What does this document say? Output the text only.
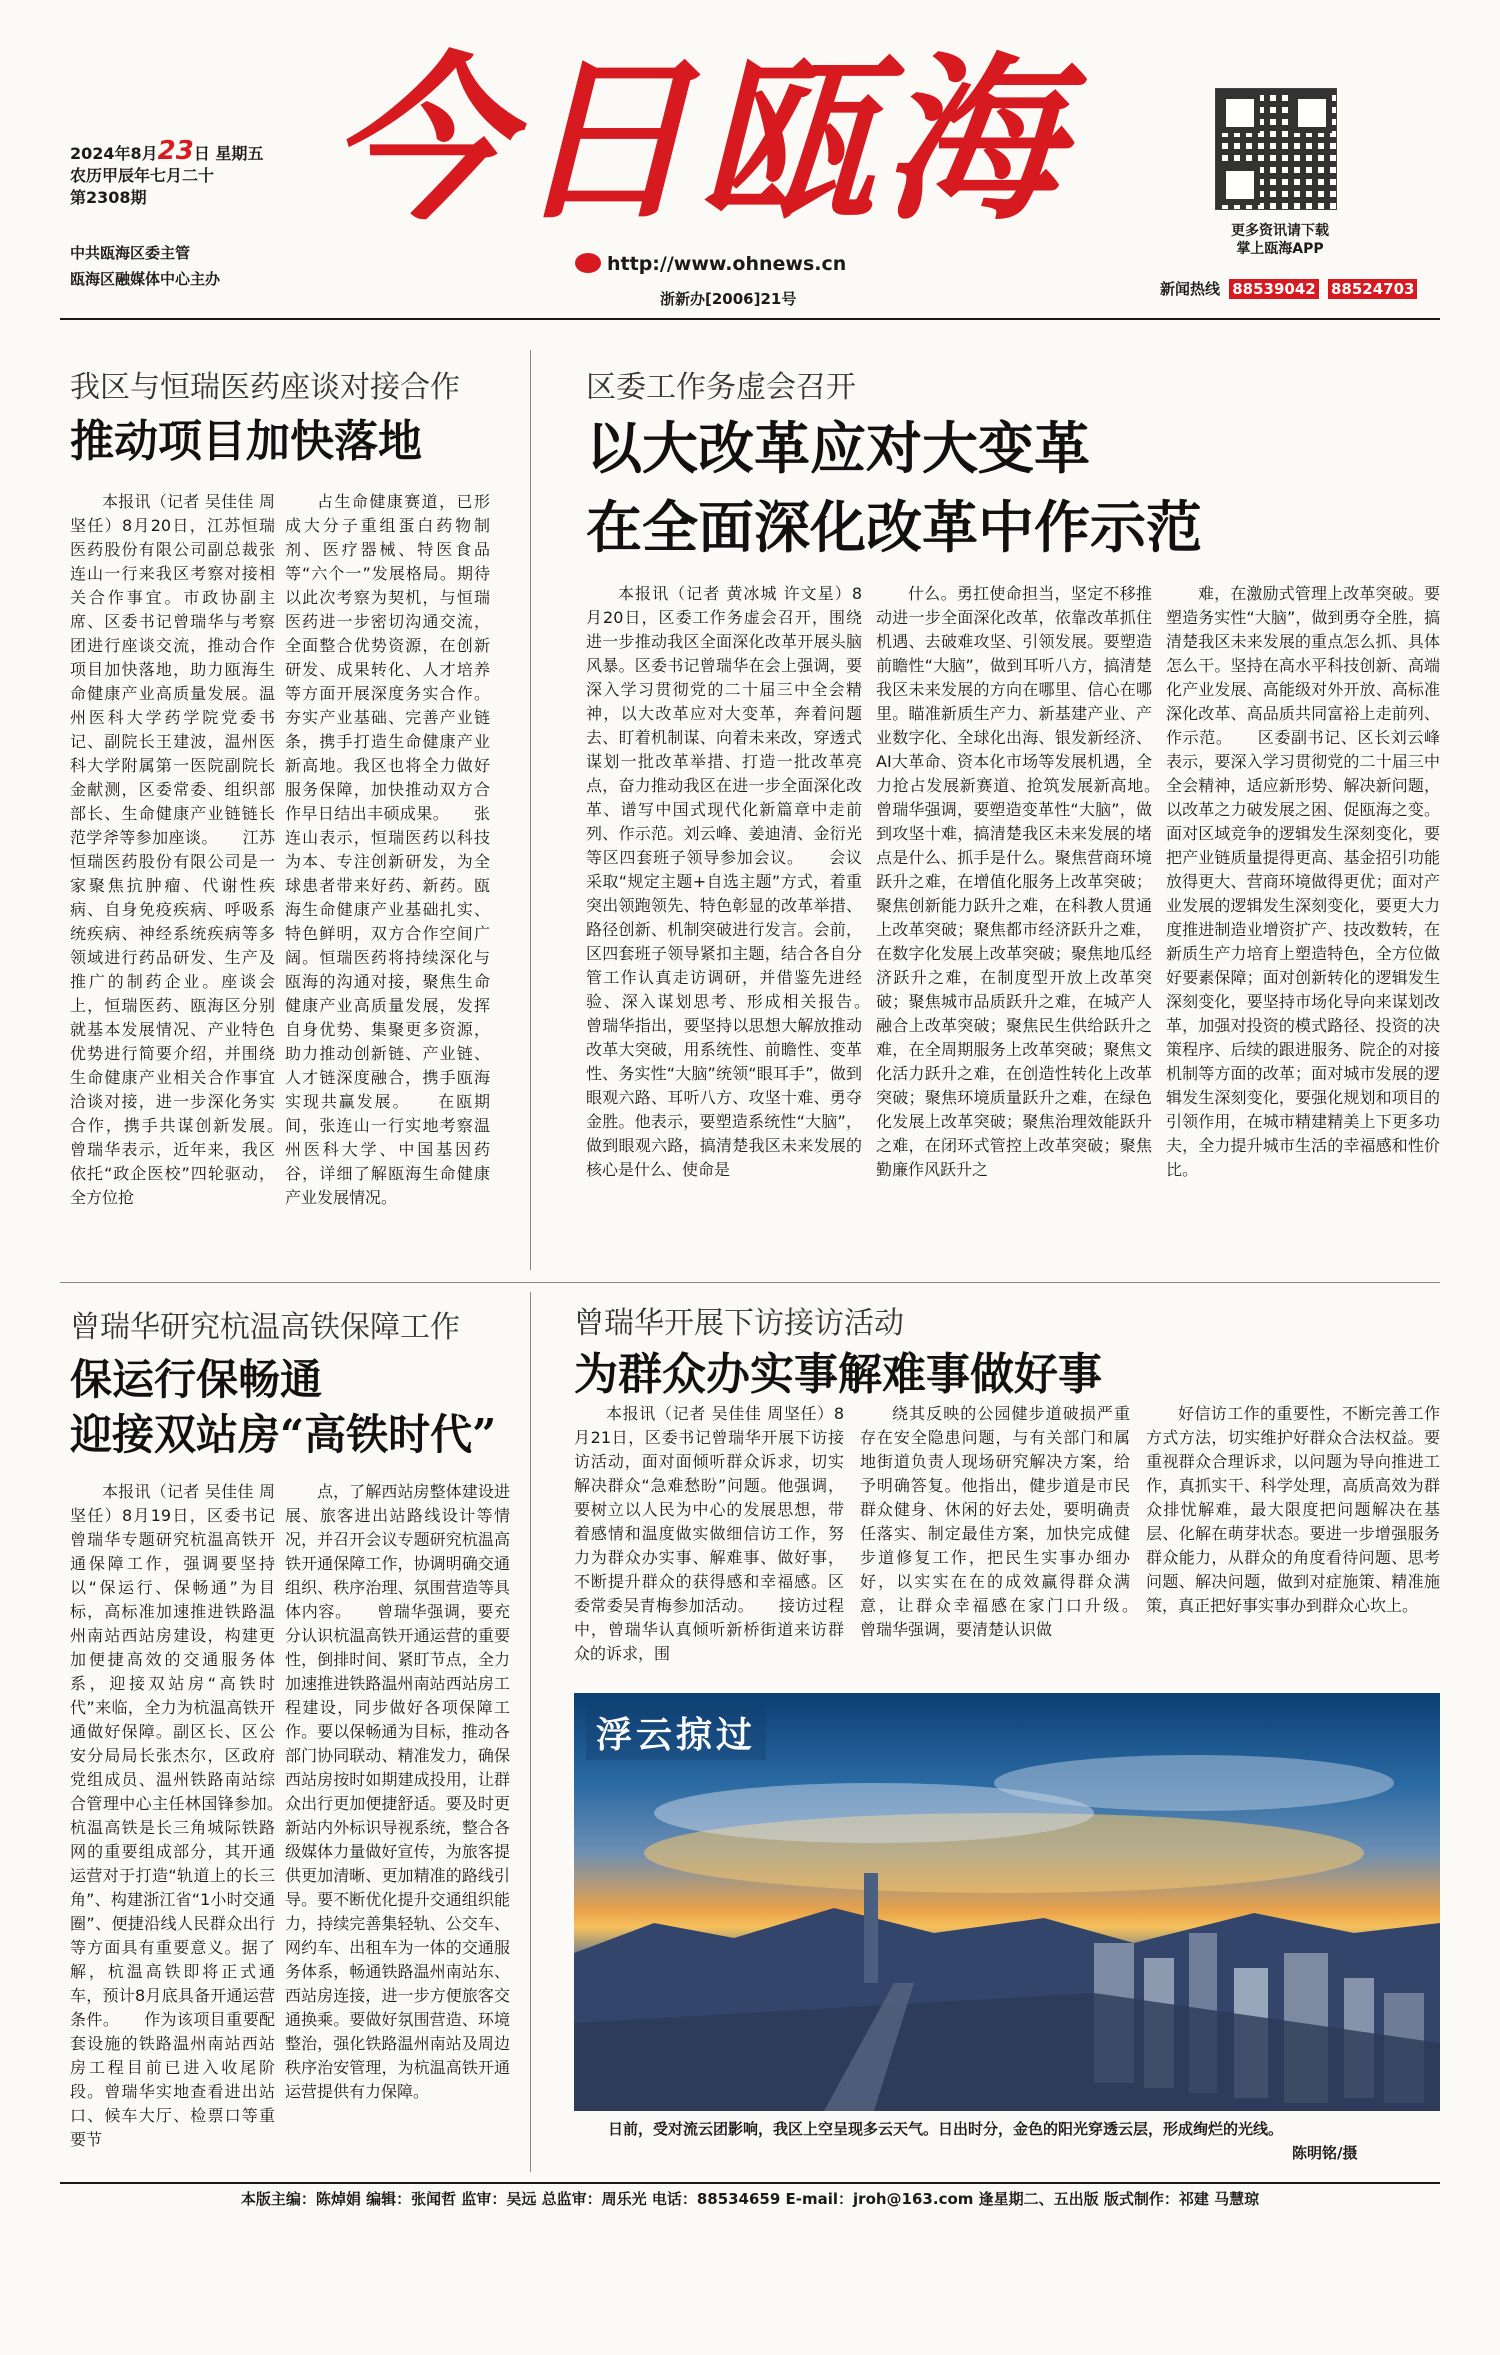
2024年8月23日 星期五
农历甲辰年七月二十
第2308期
中共瓯海区委主管
瓯海区融媒体中心主办
今日瓯海
http://www.ohnews.cn
浙新办[2006]21号
更多资讯请下载
掌上瓯海APP
新闻热线 88539042 88524703
我区与恒瑞医药座谈对接合作
推动项目加快落地

本报讯（记者 吴佳佳 周坚任）8月20日，江苏恒瑞医药股份有限公司副总裁张连山一行来我区考察对接相关合作事宜。市政协副主席、区委书记曾瑞华与考察团进行座谈交流，推动合作项目加快落地，助力瓯海生命健康产业高质量发展。温州医科大学药学院党委书记、副院长王建波，温州医科大学附属第一医院副院长金献测，区委常委、组织部部长、生命健康产业链链长范学斧等参加座谈。　　江苏恒瑞医药股份有限公司是一家聚焦抗肿瘤、代谢性疾病、自身免疫疾病、呼吸系统疾病、神经系统疾病等多领域进行药品研发、生产及推广的制药企业。座谈会上，恒瑞医药、瓯海区分别就基本发展情况、产业特色优势进行简要介绍，并围绕生命健康产业相关合作事宜洽谈对接，进一步深化务实合作，携手共谋创新发展。　　曾瑞华表示，近年来，我区依托“政企医校”四轮驱动，全方位抢

占生命健康赛道，已形成大分子重组蛋白药物制剂、医疗器械、特医食品等“六个一”发展格局。期待以此次考察为契机，与恒瑞医药进一步密切沟通交流，全面整合优势资源，在创新研发、成果转化、人才培养等方面开展深度务实合作。夯实产业基础、完善产业链条，携手打造生命健康产业新高地。我区也将全力做好服务保障，加快推动双方合作早日结出丰硕成果。　　张连山表示，恒瑞医药以科技为本、专注创新研发，为全球患者带来好药、新药。瓯海生命健康产业基础扎实、特色鲜明，双方合作空间广阔。恒瑞医药将持续深化与瓯海的沟通对接，聚焦生命健康产业高质量发展，发挥自身优势、集聚更多资源，助力推动创新链、产业链、人才链深度融合，携手瓯海实现共赢发展。　　在瓯期间，张连山一行实地考察温州医科大学、中国基因药谷，详细了解瓯海生命健康产业发展情况。

区委工作务虚会召开
以大改革应对大变革
在全面深化改革中作示范

本报讯（记者 黄冰城 许文星）8月20日，区委工作务虚会召开，围绕进一步推动我区全面深化改革开展头脑风暴。区委书记曾瑞华在会上强调，要深入学习贯彻党的二十届三中全会精神，以大改革应对大变革，奔着问题去、盯着机制谋、向着未来改，穿透式谋划一批改革举措、打造一批改革亮点，奋力推动我区在进一步全面深化改革、谱写中国式现代化新篇章中走前列、作示范。刘云峰、姜迪清、金衍光等区四套班子领导参加会议。　　会议采取“规定主题+自选主题”方式，着重突出领跑领先、特色彰显的改革举措、路径创新、机制突破进行发言。会前，区四套班子领导紧扣主题，结合各自分管工作认真走访调研，并借鉴先进经验、深入谋划思考、形成相关报告。　　曾瑞华指出，要坚持以思想大解放推动改革大突破，用系统性、前瞻性、变革性、务实性“大脑”统领“眼耳手”，做到眼观六路、耳听八方、攻坚十难、勇夺金胜。他表示，要塑造系统性“大脑”，做到眼观六路，搞清楚我区未来发展的核心是什么、使命是

什么。勇扛使命担当，坚定不移推动进一步全面深化改革，依靠改革抓住机遇、去破难攻坚、引领发展。要塑造前瞻性“大脑”，做到耳听八方，搞清楚我区未来发展的方向在哪里、信心在哪里。瞄准新质生产力、新基建产业、产业数字化、全球化出海、银发新经济、AI大革命、资本化市场等发展机遇，全力抢占发展新赛道、抢筑发展新高地。　　曾瑞华强调，要塑造变革性“大脑”，做到攻坚十难，搞清楚我区未来发展的堵点是什么、抓手是什么。聚焦营商环境跃升之难，在增值化服务上改革突破；聚焦创新能力跃升之难，在科教人贯通上改革突破；聚焦都市经济跃升之难，在数字化发展上改革突破；聚焦地瓜经济跃升之难，在制度型开放上改革突破；聚焦城市品质跃升之难，在城产人融合上改革突破；聚焦民生供给跃升之难，在全周期服务上改革突破；聚焦文化活力跃升之难，在创造性转化上改革突破；聚焦环境质量跃升之难，在绿色化发展上改革突破；聚焦治理效能跃升之难，在闭环式管控上改革突破；聚焦勤廉作风跃升之

难，在激励式管理上改革突破。要塑造务实性“大脑”，做到勇夺全胜，搞清楚我区未来发展的重点怎么抓、具体怎么干。坚持在高水平科技创新、高端化产业发展、高能级对外开放、高标准深化改革、高品质共同富裕上走前列、作示范。　　区委副书记、区长刘云峰表示，要深入学习贯彻党的二十届三中全会精神，适应新形势、解决新问题，以改革之力破发展之困、促瓯海之变。面对区域竞争的逻辑发生深刻变化，要把产业链质量提得更高、基金招引功能放得更大、营商环境做得更优；面对产业发展的逻辑发生深刻变化，要更大力度推进制造业增资扩产、技改数转，在新质生产力培育上塑造特色，全方位做好要素保障；面对创新转化的逻辑发生深刻变化，要坚持市场化导向来谋划改革，加强对投资的模式路径、投资的决策程序、后续的跟进服务、院企的对接机制等方面的改革；面对城市发展的逻辑发生深刻变化，要强化规划和项目的引领作用，在城市精建精美上下更多功夫，全力提升城市生活的幸福感和性价比。

曾瑞华研究杭温高铁保障工作
保运行保畅通
迎接双站房“高铁时代”

本报讯（记者 吴佳佳 周坚任）8月19日，区委书记曾瑞华专题研究杭温高铁开通保障工作，强调要坚持以“保运行、保畅通”为目标，高标准加速推进铁路温州南站西站房建设，构建更加便捷高效的交通服务体系，迎接双站房“高铁时代”来临，全力为杭温高铁开通做好保障。副区长、区公安分局局长张杰尔，区政府党组成员、温州铁路南站综合管理中心主任林国锋参加。　　杭温高铁是长三角城际铁路网的重要组成部分，其开通运营对于打造“轨道上的长三角”、构建浙江省“1小时交通圈”、便捷沿线人民群众出行等方面具有重要意义。据了解，杭温高铁即将正式通车，预计8月底具备开通运营条件。　　作为该项目重要配套设施的铁路温州南站西站房工程目前已进入收尾阶段。曾瑞华实地查看进出站口、候车大厅、检票口等重要节

点，了解西站房整体建设进展、旅客进出站路线设计等情况，并召开会议专题研究杭温高铁开通保障工作，协调明确交通组织、秩序治理、氛围营造等具体内容。　　曾瑞华强调，要充分认识杭温高铁开通运营的重要性，倒排时间、紧盯节点，全力加速推进铁路温州南站西站房工程建设，同步做好各项保障工作。要以保畅通为目标，推动各部门协同联动、精准发力，确保西站房按时如期建成投用，让群众出行更加便捷舒适。要及时更新站内外标识导视系统，整合各级媒体力量做好宣传，为旅客提供更加清晰、更加精准的路线引导。要不断优化提升交通组织能力，持续完善集轻轨、公交车、网约车、出租车为一体的交通服务体系，畅通铁路温州南站东、西站房连接，进一步方便旅客交通换乘。要做好氛围营造、环境整治，强化铁路温州南站及周边秩序治安管理，为杭温高铁开通运营提供有力保障。

曾瑞华开展下访接访活动
为群众办实事解难事做好事

本报讯（记者 吴佳佳 周坚任）8月21日，区委书记曾瑞华开展下访接访活动，面对面倾听群众诉求，切实解决群众“急难愁盼”问题。他强调，要树立以人民为中心的发展思想，带着感情和温度做实做细信访工作，努力为群众办实事、解难事、做好事，不断提升群众的获得感和幸福感。区委常委吴青梅参加活动。　　接访过程中，曾瑞华认真倾听新桥街道来访群众的诉求，围

绕其反映的公园健步道破损严重存在安全隐患问题，与有关部门和属地街道负责人现场研究解决方案，给予明确答复。他指出，健步道是市民群众健身、休闲的好去处，要明确责任落实、制定最佳方案，加快完成健步道修复工作，把民生实事办细办好，以实实在在的成效赢得群众满意，让群众幸福感在家门口升级。　　曾瑞华强调，要清楚认识做

好信访工作的重要性，不断完善工作方式方法，切实维护好群众合法权益。要重视群众合理诉求，以问题为导向推进工作，真抓实干、科学处理，高质高效为群众排忧解难，最大限度把问题解决在基层、化解在萌芽状态。要进一步增强服务群众能力，从群众的角度看待问题、思考问题、解决问题，做到对症施策、精准施策，真正把好事实事办到群众心坎上。

浮云掠过
日前，受对流云团影响，我区上空呈现多云天气。日出时分，金色的阳光穿透云层，形成绚烂的光线。
陈明铭/摄
本版主编：陈焯娟 编辑：张闻哲 监审：吴远 总监审：周乐光 电话：88534659 E-mail：jroh@163.com 逢星期二、五出版 版式制作：祁建 马慧琼
